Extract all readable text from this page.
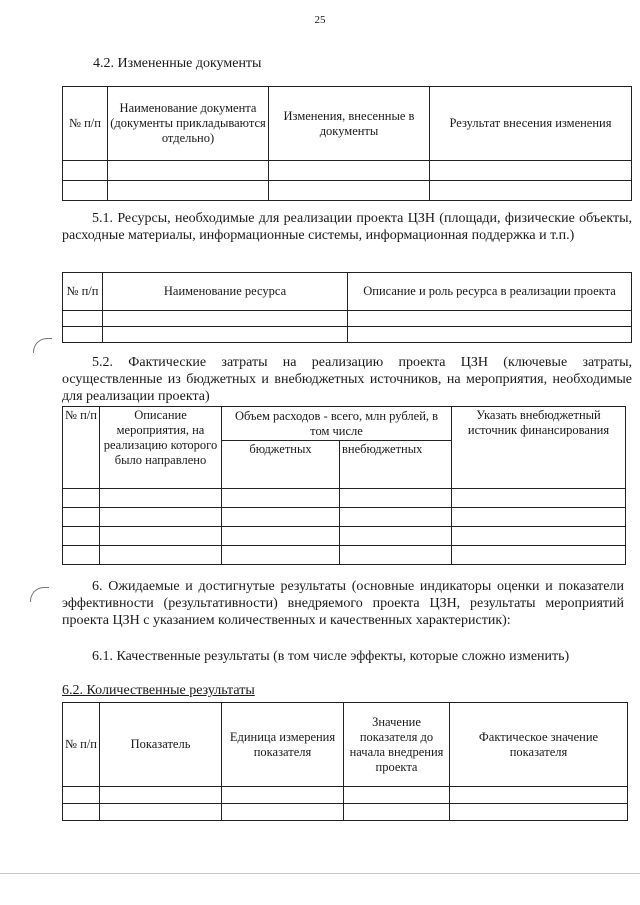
25
4.2. Измененные документы
№ п/п	Наименование документа (документы прикладываются отдельно)	Изменения, внесенные в документы	Результат внесения изменения

5.1. Ресурсы, необходимые для реализации проекта ЦЗН (площади, физические объекты, расходные материалы, информационные системы, информационная поддержка и т.п.)
№ п/п	Наименование ресурса	Описание и роль ресурса в реализации проекта

5.2. Фактические затраты на реализацию проекта ЦЗН (ключевые затраты, осуществленные из бюджетных и внебюджетных источников, на мероприятия, необходимые для реализации проекта)
№ п/п	Описание мероприятия, на реализацию которого было направлено	Объем расходов - всего, млн рублей, в том числе		Указать внебюджетный источник финансирования
		бюджетных	внебюджетных	

6. Ожидаемые и достигнутые результаты (основные индикаторы оценки и показатели эффективности (результативности) внедряемого проекта ЦЗН, результаты мероприятий проекта ЦЗН с указанием количественных и качественных характеристик):
6.1. Качественные результаты (в том числе эффекты, которые сложно изменить)
6.2. Количественные результаты
№ п/п	Показатель	Единица измерения показателя	Значение показателя до начала внедрения проекта	Фактическое значение показателя
